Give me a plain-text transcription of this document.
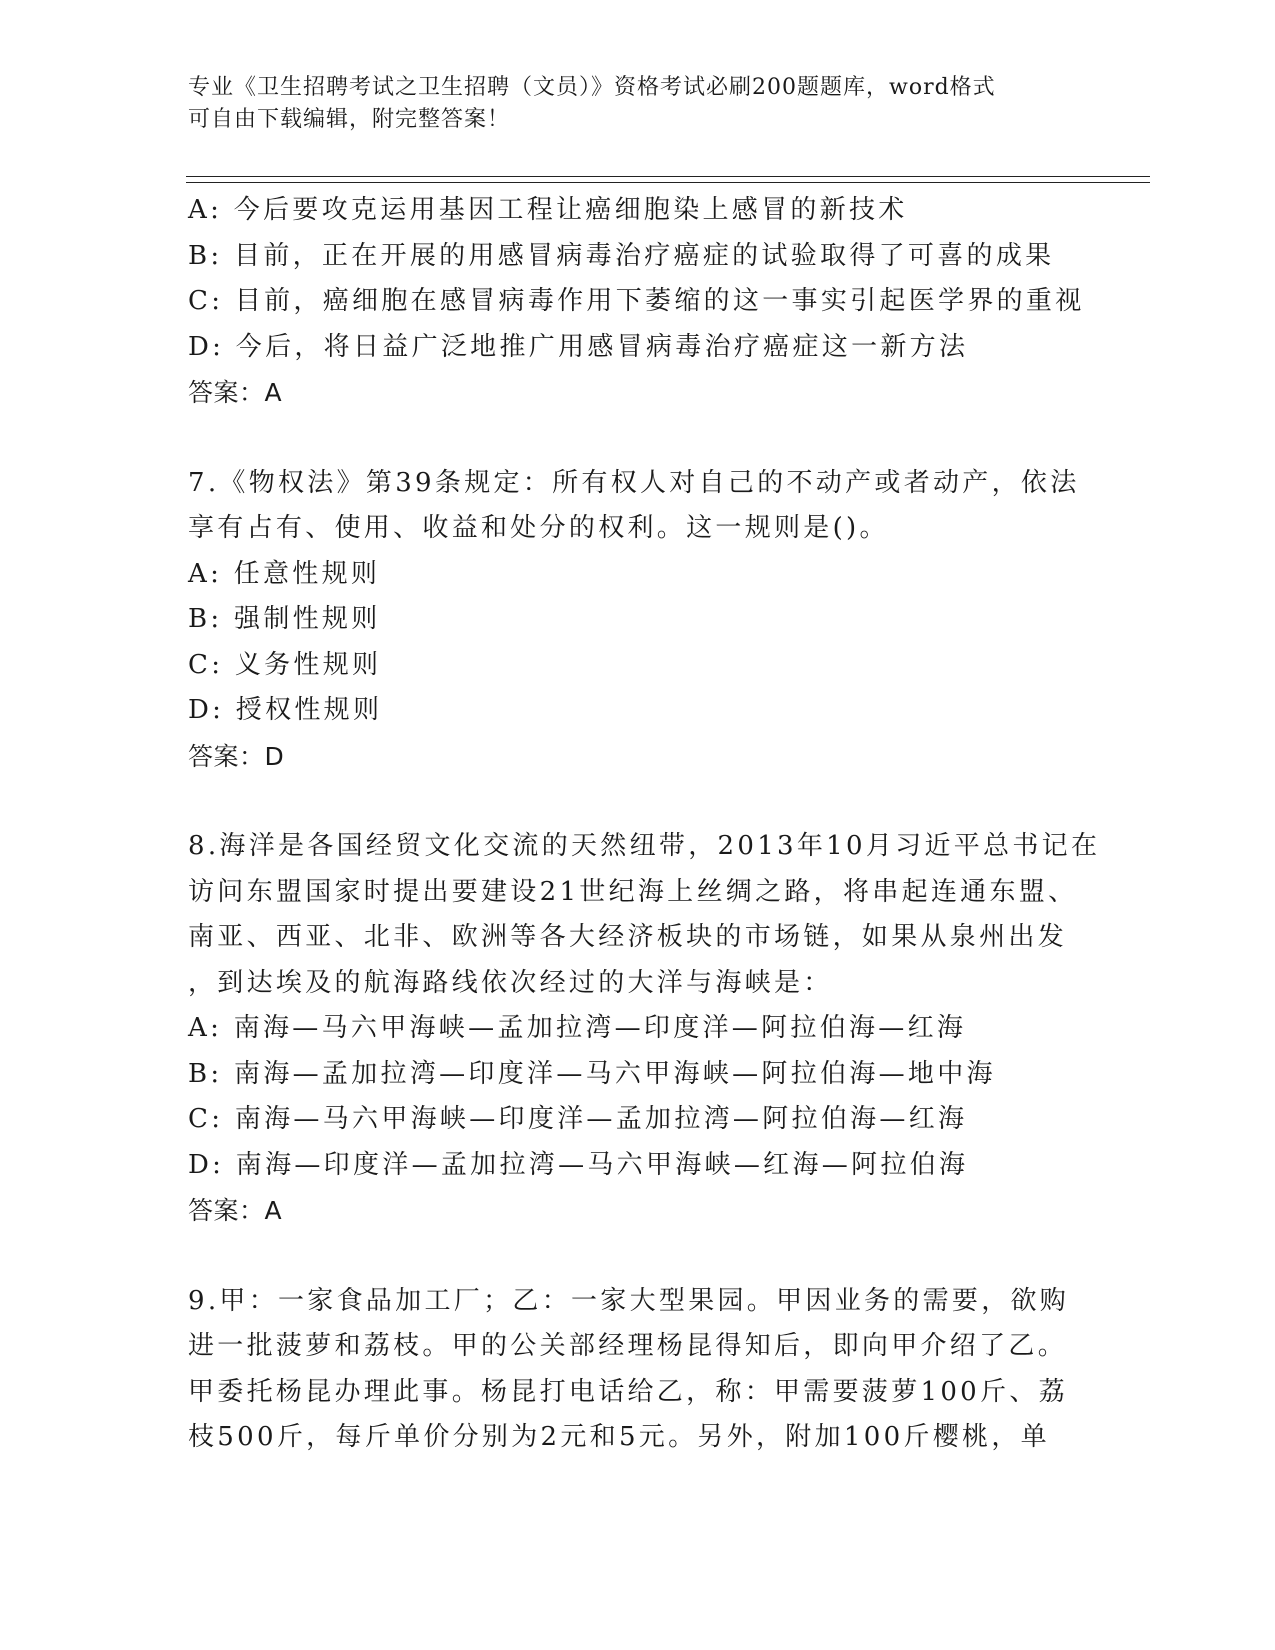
专业《卫生招聘考试之卫生招聘（文员）》资格考试必刷200题题库，word格式
可自由下载编辑，附完整答案！
A: 今后要攻克运用基因工程让癌细胞染上感冒的新技术
B: 目前，正在开展的用感冒病毒治疗癌症的试验取得了可喜的成果
C: 目前，癌细胞在感冒病毒作用下萎缩的这一事实引起医学界的重视
D: 今后，将日益广泛地推广用感冒病毒治疗癌症这一新方法
答案：A
7.《物权法》第39条规定：所有权人对自己的不动产或者动产，依法
享有占有、使用、收益和处分的权利。这一规则是()。
A: 任意性规则
B: 强制性规则
C: 义务性规则
D: 授权性规则
答案：D
8.海洋是各国经贸文化交流的天然纽带，2013年10月习近平总书记在
访问东盟国家时提出要建设21世纪海上丝绸之路，将串起连通东盟、
南亚、西亚、北非、欧洲等各大经济板块的市场链，如果从泉州出发
，到达埃及的航海路线依次经过的大洋与海峡是：
A: 南海—马六甲海峡—孟加拉湾—印度洋—阿拉伯海—红海
B: 南海—孟加拉湾—印度洋—马六甲海峡—阿拉伯海—地中海
C: 南海—马六甲海峡—印度洋—孟加拉湾—阿拉伯海—红海
D: 南海—印度洋—孟加拉湾—马六甲海峡—红海—阿拉伯海
答案：A
9.甲：一家食品加工厂；乙：一家大型果园。甲因业务的需要，欲购
进一批菠萝和荔枝。甲的公关部经理杨昆得知后，即向甲介绍了乙。
甲委托杨昆办理此事。杨昆打电话给乙，称：甲需要菠萝100斤、荔
枝500斤，每斤单价分别为2元和5元。另外，附加100斤樱桃，单
